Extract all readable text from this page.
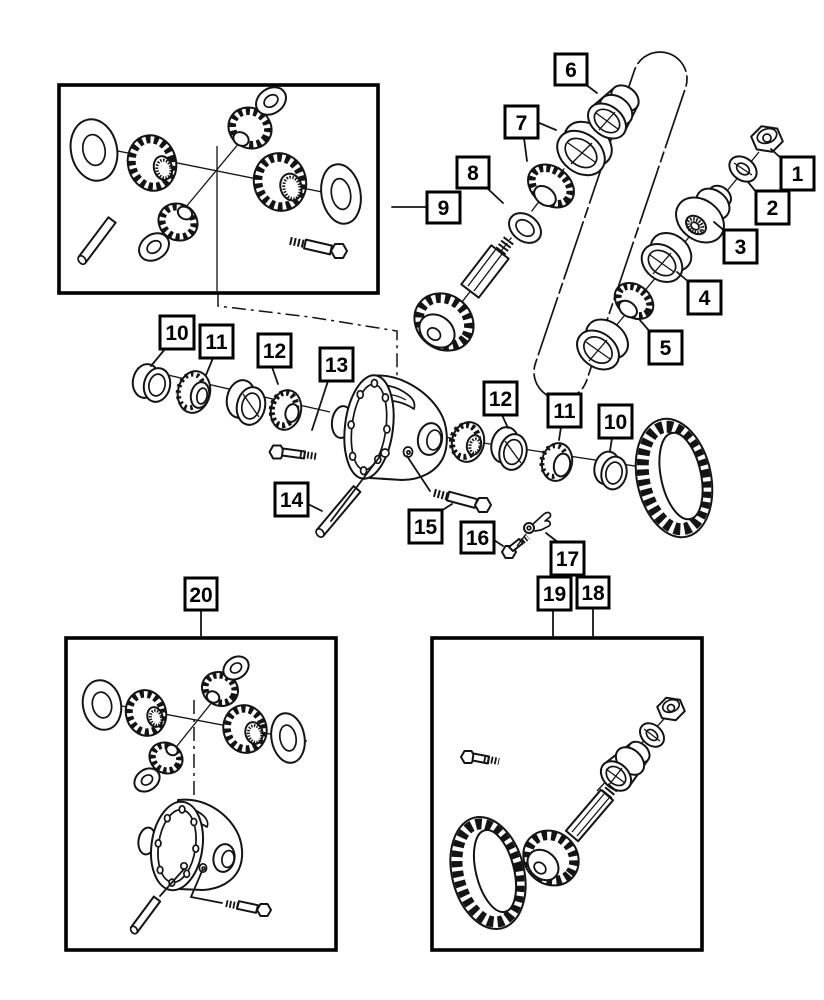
1
2
3
4
5
6
7
8
9
10 11 12
13
14
15 16
17
12
11 10
19 18
20
